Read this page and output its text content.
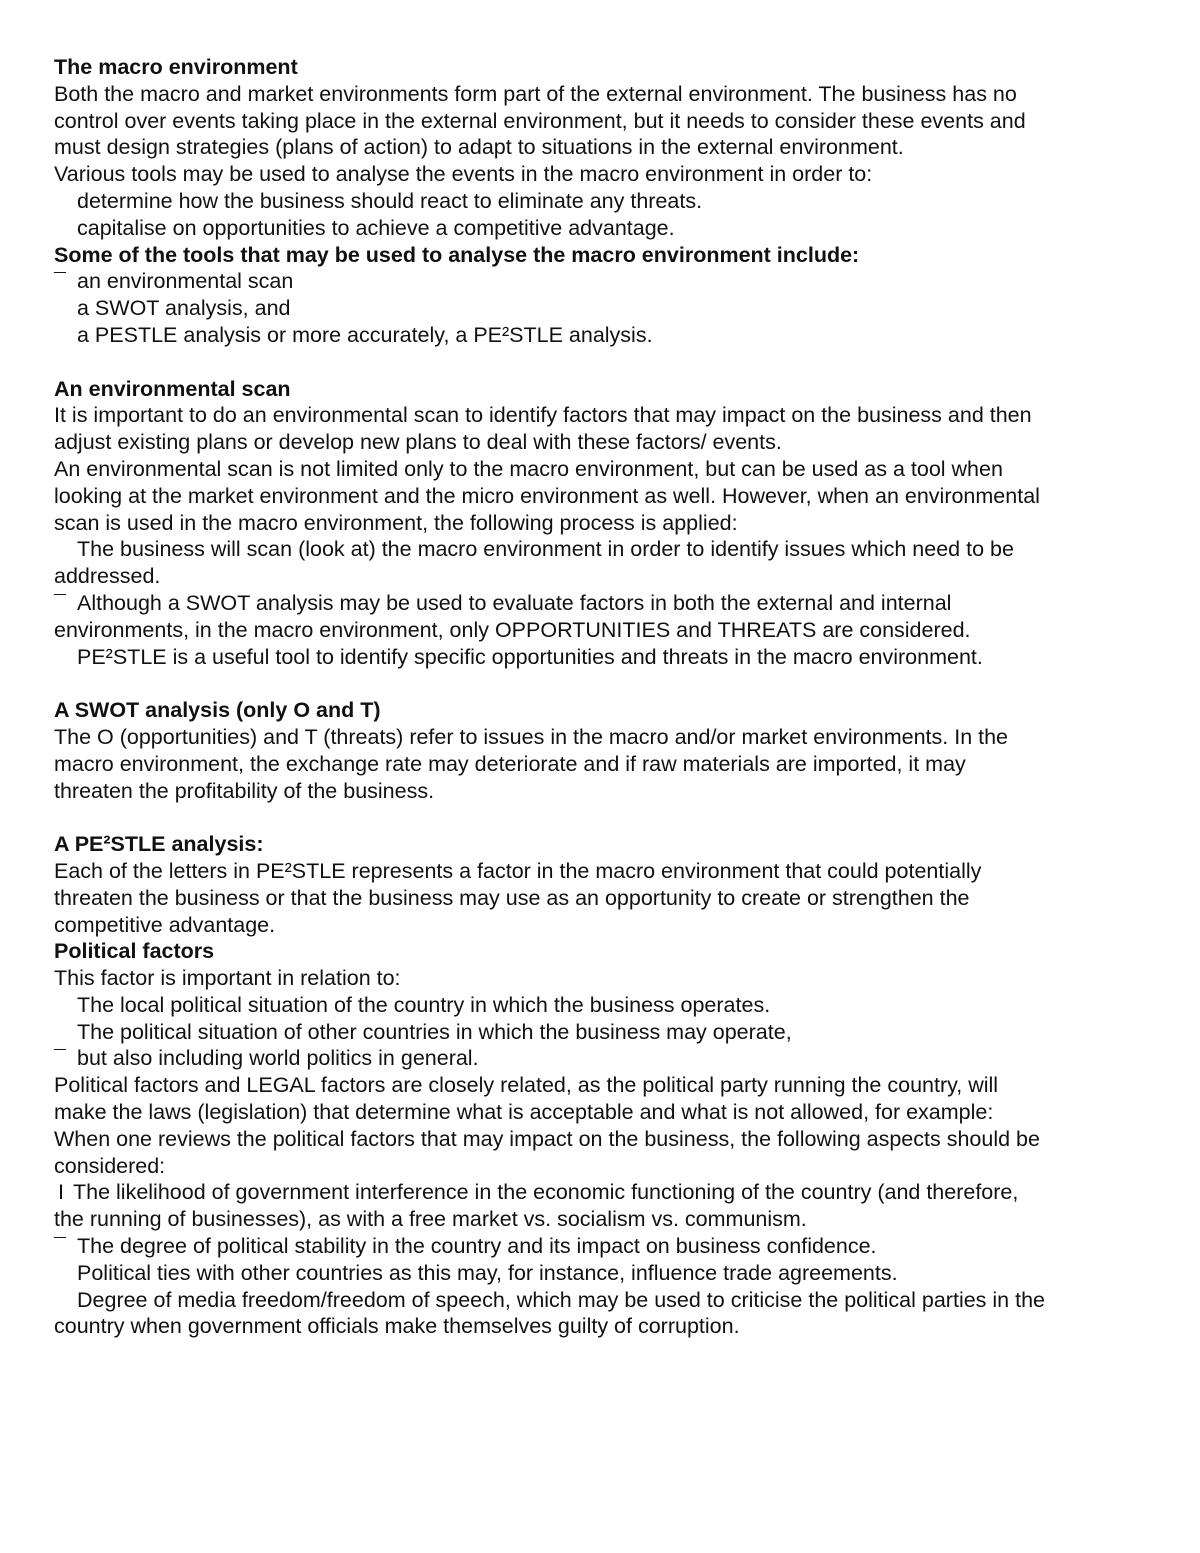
The macro environment
Both the macro and market environments form part of the external environment. The business has no
control over events taking place in the external environment, but it needs to consider these events and
must design strategies (plans of action) to adapt to situations in the external environment.
Various tools may be used to analyse the events in the macro environment in order to:
determine how the business should react to eliminate any threats.
capitalise on opportunities to achieve a competitive advantage.
Some of the tools that may be used to analyse the macro environment include:
¯ an environmental scan
a SWOT analysis, and
a PESTLE analysis or more accurately, a PE²STLE analysis.
An environmental scan
It is important to do an environmental scan to identify factors that may impact on the business and then
adjust existing plans or develop new plans to deal with these factors/ events.
An environmental scan is not limited only to the macro environment, but can be used as a tool when
looking at the market environment and the micro environment as well. However, when an environmental
scan is used in the macro environment, the following process is applied:
The business will scan (look at) the macro environment in order to identify issues which need to be
addressed.
¯ Although a SWOT analysis may be used to evaluate factors in both the external and internal
environments, in the macro environment, only OPPORTUNITIES and THREATS are considered.
PE²STLE is a useful tool to identify specific opportunities and threats in the macro environment.
A SWOT analysis (only O and T)
The O (opportunities) and T (threats) refer to issues in the macro and/or market environments. In the
macro environment, the exchange rate may deteriorate and if raw materials are imported, it may
threaten the profitability of the business.
A PE²STLE analysis:
Each of the letters in PE²STLE represents a factor in the macro environment that could potentially
threaten the business or that the business may use as an opportunity to create or strengthen the
competitive advantage.
Political factors
This factor is important in relation to:
The local political situation of the country in which the business operates.
The political situation of other countries in which the business may operate,
¯ but also including world politics in general.
Political factors and LEGAL factors are closely related, as the political party running the country, will
make the laws (legislation) that determine what is acceptable and what is not allowed, for example:
When one reviews the political factors that may impact on the business, the following aspects should be
considered:
I The likelihood of government interference in the economic functioning of the country (and therefore,
the running of businesses), as with a free market vs. socialism vs. communism.
¯ The degree of political stability in the country and its impact on business confidence.
Political ties with other countries as this may, for instance, influence trade agreements.
Degree of media freedom/freedom of speech, which may be used to criticise the political parties in the
country when government officials make themselves guilty of corruption.
